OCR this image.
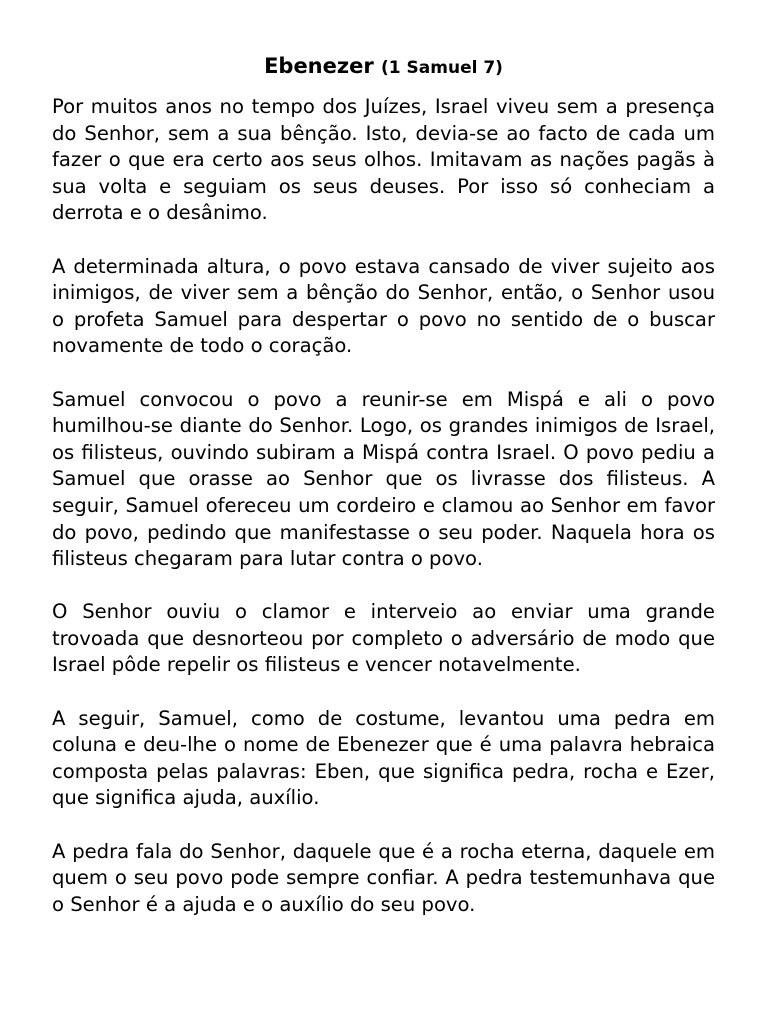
Ebenezer (1 Samuel 7)

Por muitos anos no tempo dos Juízes, Israel viveu sem a presença do Senhor, sem a sua bênção. Isto, devia-se ao facto de cada um fazer o que era certo aos seus olhos. Imitavam as nações pagãs à sua volta e seguiam os seus deuses. Por isso só conheciam a derrota e o desânimo.

A determinada altura, o povo estava cansado de viver sujeito aos inimigos, de viver sem a bênção do Senhor, então, o Senhor usou o profeta Samuel para despertar o povo no sentido de o buscar novamente de todo o coração.

Samuel convocou o povo a reunir-se em Mispá e ali o povo humilhou-se diante do Senhor. Logo, os grandes inimigos de Israel, os filisteus, ouvindo subiram a Mispá contra Israel. O povo pediu a Samuel que orasse ao Senhor que os livrasse dos filisteus. A seguir, Samuel ofereceu um cordeiro e clamou ao Senhor em favor do povo, pedindo que manifestasse o seu poder. Naquela hora os filisteus chegaram para lutar contra o povo.

O Senhor ouviu o clamor e interveio ao enviar uma grande trovoada que desnorteou por completo o adversário de modo que Israel pôde repelir os filisteus e vencer notavelmente.

A seguir, Samuel, como de costume, levantou uma pedra em coluna e deu-lhe o nome de Ebenezer que é uma palavra hebraica composta pelas palavras: Eben, que significa pedra, rocha e Ezer, que significa ajuda, auxílio.

A pedra fala do Senhor, daquele que é a rocha eterna, daquele em quem o seu povo pode sempre confiar. A pedra testemunhava que o Senhor é a ajuda e o auxílio do seu povo.
